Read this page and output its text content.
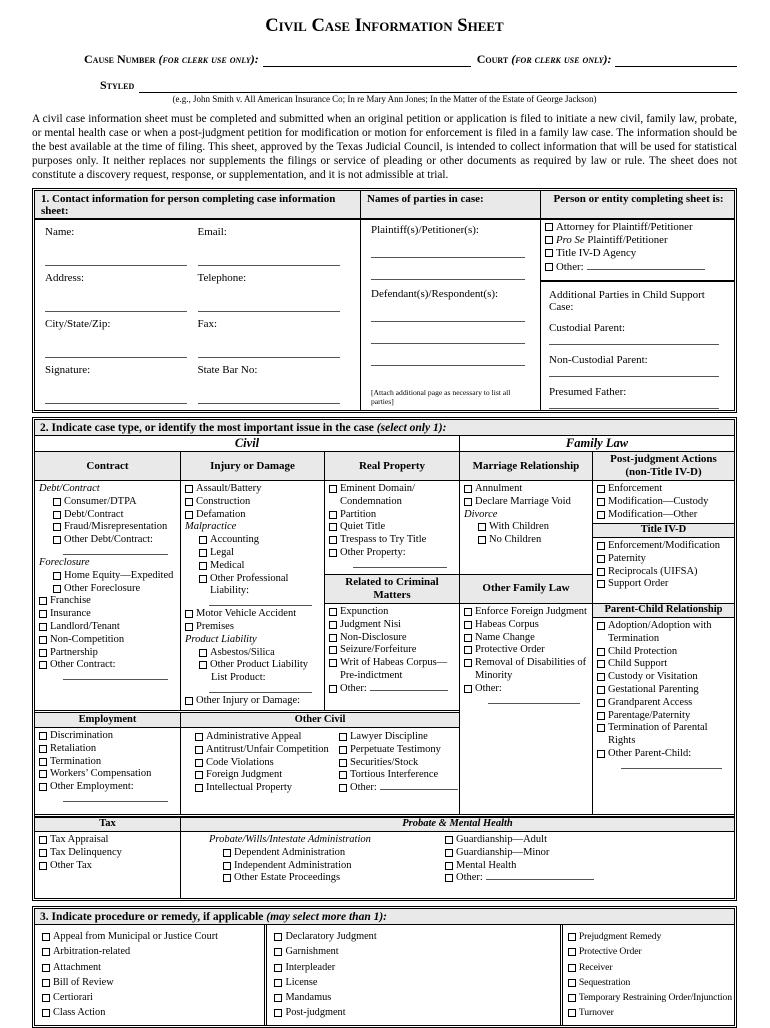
Civil Case Information Sheet
Cause Number
(for clerk use only):	Court
(for clerk use only):
Styled
(e.g., John Smith v. All American Insurance Co; In re Mary Ann Jones; In the Matter of the Estate of George Jackson)
A civil case information sheet must be completed and submitted when an original petition or application is filed to initiate a new civil, family law, probate, or mental health case or when a post-judgment petition for modification or motion for enforcement is filed in a family law case. The information should be the best available at the time of filing. This sheet, approved by the Texas Judicial Council, is intended to collect information that will be used for statistical purposes only. It neither replaces nor supplements the filings or service of pleading or other documents as required by law or rule. The sheet does not constitute a discovery request, response, or supplementation, and it is not admissible at trial.
1. Contact information for person completing case information sheet:
Names of parties in case:	Person or entity completing sheet is:
Name:	Email:
Address:	Telephone:
City/State/Zip:	Fax:
Signature:	State Bar No:
Plaintiff(s)/Petitioner(s):
Defendant(s)/Respondent(s):
[Attach additional page as necessary to list all parties]
Attorney for Plaintiff/Petitioner
Pro Se Plaintiff/Petitioner
Title IV-D Agency
Other:
Additional Parties in Child Support Case:
Custodial Parent:
Non-Custodial Parent:
Presumed Father:
2. Indicate case type, or identify the most important issue in the case (select only 1):
Civil	Family Law
Contract	Injury or Damage	Real Property	Marriage Relationship
Post-judgment Actions
(non-Title IV-D)
Debt/Contract
Consumer/DTPA
Debt/Contract
Fraud/Misrepresentation
Other Debt/Contract:
Foreclosure
Home Equity—Expedited
Other Foreclosure
Franchise
Insurance
Landlord/Tenant
Non-Competition
Partnership
Other Contract:
Assault/Battery
Construction
Defamation
Malpractice
Accounting
Legal
Medical
Other Professional Liability:
Motor Vehicle Accident
Premises
Product Liability
Asbestos/Silica
Other Product Liability
List Product:
Other Injury or Damage:
Eminent Domain/ Condemnation
Partition
Quiet Title
Trespass to Try Title
Other Property:
Related to Criminal Matters
Expunction
Judgment Nisi
Non-Disclosure
Seizure/Forfeiture
Writ of Habeas Corpus— Pre-indictment
Other:
Employment
Discrimination
Retaliation
Termination
Workers’ Compensation
Other Employment:
Other Civil
Administrative Appeal
Antitrust/Unfair Competition
Code Violations
Foreign Judgment
Intellectual Property
Lawyer Discipline
Perpetuate Testimony
Securities/Stock
Tortious Interference
Other:
Annulment
Declare Marriage Void
Divorce
With Children
No Children
Other Family Law
Enforce Foreign Judgment
Habeas Corpus
Name Change
Protective Order
Removal of Disabilities of Minority
Other:
Enforcement
Modification—Custody
Modification—Other
Title IV-D
Enforcement/Modification
Paternity
Reciprocals (UIFSA)
Support Order
Parent-Child Relationship
Adoption/Adoption with Termination
Child Protection
Child Support
Custody or Visitation
Gestational Parenting
Grandparent Access
Parentage/Paternity
Termination of Parental Rights
Other Parent-Child:
Tax
Tax Appraisal
Tax Delinquency
Other Tax
Probate & Mental Health
Probate/Wills/Intestate Administration
Dependent Administration
Independent Administration
Other Estate Proceedings
Guardianship—Adult
Guardianship—Minor
Mental Health
Other:
3. Indicate procedure or remedy, if applicable (may select more than 1):
Appeal from Municipal or Justice Court
Arbitration-related
Attachment
Bill of Review
Certiorari
Class Action
Declaratory Judgment
Garnishment
Interpleader
License
Mandamus
Post-judgment
Prejudgment Remedy
Protective Order
Receiver
Sequestration
Temporary Restraining Order/Injunction
Turnover
